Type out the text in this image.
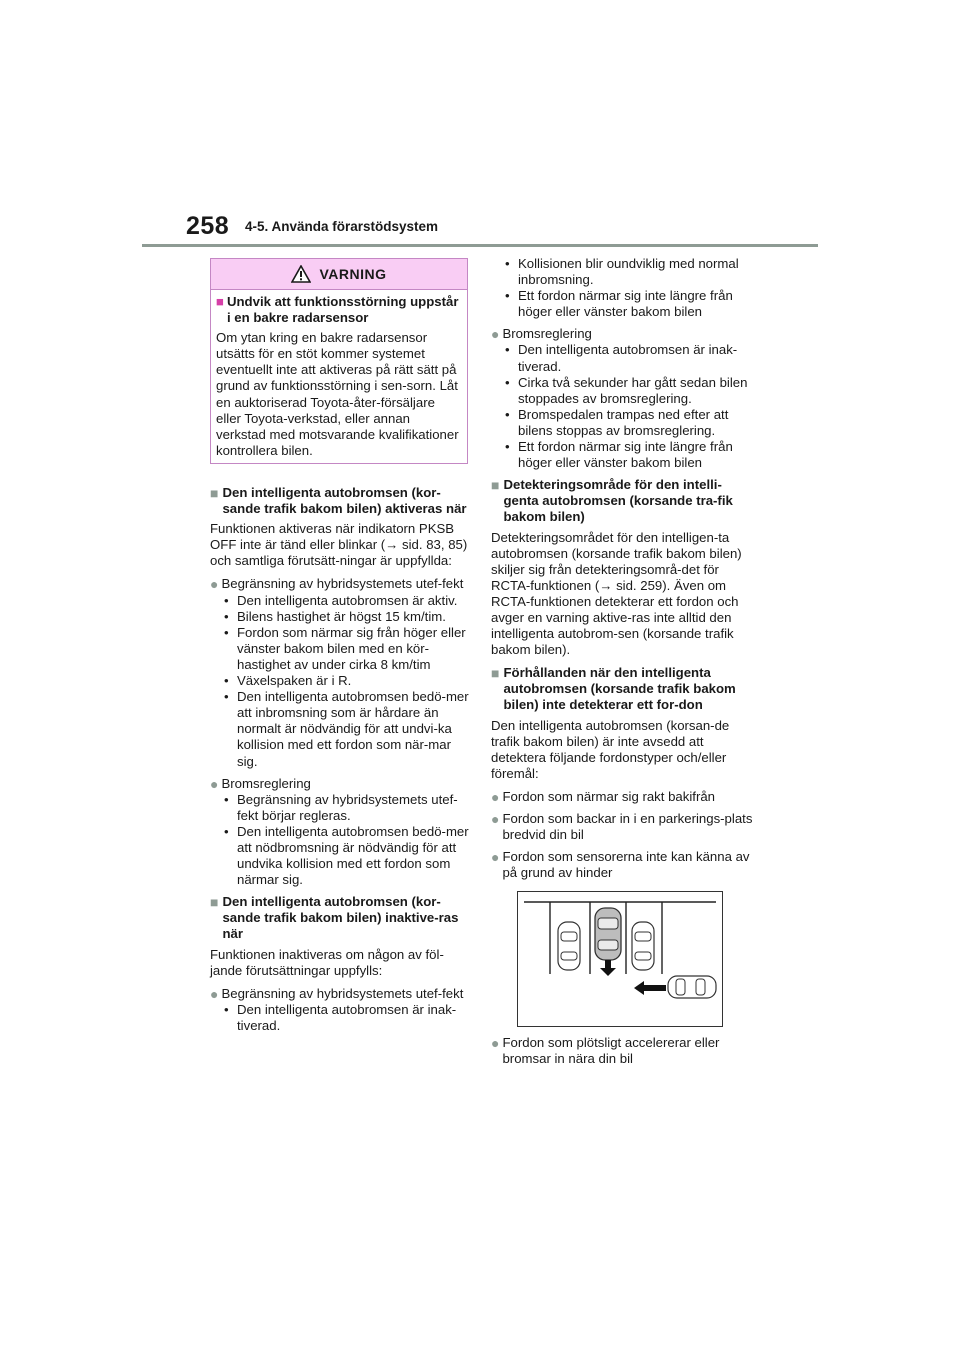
258 4-5. Använda förarstödsystem
VARNING
■ Undvik att funktionsstörning uppstår i en bakre radarsensor
Om ytan kring en bakre radarsensor utsätts för en stöt kommer systemet eventuellt inte att aktiveras på rätt sätt på grund av funktionsstörning i sen-sorn. Låt en auktoriserad Toyota-åter-försäljare eller Toyota-verkstad, eller annan verkstad med motsvarande kvalifikationer kontrollera bilen.
■ Den intelligenta autobromsen (kor-sande trafik bakom bilen) aktiveras när

Funktionen aktiveras när indikatorn PKSB OFF inte är tänd eller blinkar (→ sid. 83, 85) och samtliga förutsätt-ningar är uppfyllda:

● Begränsning av hybridsystemets utef-fekt
• Den intelligenta autobromsen är aktiv.
• Bilens hastighet är högst 15 km/tim.
• Fordon som närmar sig från höger eller vänster bakom bilen med en kör-hastighet av under cirka 8 km/tim
• Växelspaken är i R.
• Den intelligenta autobromsen bedö-mer att inbromsning som är hårdare än normalt är nödvändig för att undvi-ka kollision med ett fordon som när-mar sig.
● Bromsreglering
• Begränsning av hybridsystemets utef-fekt börjar regleras.
• Den intelligenta autobromsen bedö-mer att nödbromsning är nödvändig för att undvika kollision med ett fordon som närmar sig.
■ Den intelligenta autobromsen (kor-sande trafik bakom bilen) inaktive-ras när

Funktionen inaktiveras om någon av föl-jande förutsättningar uppfylls:

● Begränsning av hybridsystemets utef-fekt
• Den intelligenta autobromsen är inak-tiverad.
• Kollisionen blir oundviklig med normal inbromsning.
• Ett fordon närmar sig inte längre från höger eller vänster bakom bilen
● Bromsreglering
• Den intelligenta autobromsen är inak-tiverad.
• Cirka två sekunder har gått sedan bilen stoppades av bromsreglering.
• Bromspedalen trampas ned efter att bilens stoppas av bromsreglering.
• Ett fordon närmar sig inte längre från höger eller vänster bakom bilen
■ Detekteringsområde för den intelli-genta autobromsen (korsande tra-fik bakom bilen)

Detekteringsområdet för den intelligen-ta autobromsen (korsande trafik bakom bilen) skiljer sig från detekteringsområ-det för RCTA-funktionen (→ sid. 259). Även om RCTA-funktionen detekterar ett fordon och avger en varning aktive-ras inte alltid den intelligenta autobrom-sen (korsande trafik bakom bilen).

■ Förhållanden när den intelligenta autobromsen (korsande trafik bakom bilen) inte detekterar ett for-don

Den intelligenta autobromsen (korsan-de trafik bakom bilen) är inte avsedd att detektera följande fordonstyper och/eller föremål:

● Fordon som närmar sig rakt bakifrån
● Fordon som backar in i en parkerings-plats bredvid din bil
● Fordon som sensorerna inte kan känna av på grund av hinder
● Fordon som plötsligt accelererar eller bromsar in nära din bil
